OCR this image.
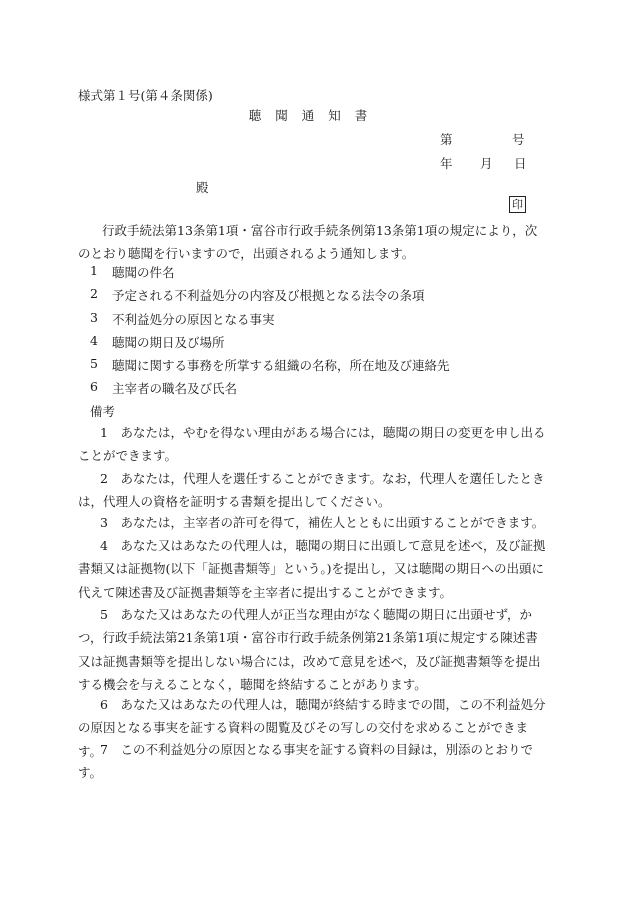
様式第１号(第４条関係)
聴聞通知書
第	号
年 月 日
殿
印
行政手続法第13条第1項・富谷市行政手続条例第13条第1項の規定により，次のとおり聴聞を行いますので，出頭されるよう通知します。
1 聴聞の件名
2 予定される不利益処分の内容及び根拠となる法令の条項
3 不利益処分の原因となる事実
4 聴聞の期日及び場所
5 聴聞に関する事務を所掌する組織の名称，所在地及び連絡先
6 主宰者の職名及び氏名
備考
1　あなたは，やむを得ない理由がある場合には，聴聞の期日の変更を申し出ることができます。
2　あなたは，代理人を選任することができます。なお，代理人を選任したときは，代理人の資格を証明する書類を提出してください。
3　あなたは，主宰者の許可を得て，補佐人とともに出頭することができます。
4　あなた又はあなたの代理人は，聴聞の期日に出頭して意見を述べ，及び証拠書類又は証拠物(以下「証拠書類等」という。)を提出し，又は聴聞の期日への出頭に代えて陳述書及び証拠書類等を主宰者に提出することができます。
5　あなた又はあなたの代理人が正当な理由がなく聴聞の期日に出頭せず，かつ，行政手続法第21条第1項・富谷市行政手続条例第21条第1項に規定する陳述書又は証拠書類等を提出しない場合には，改めて意見を述べ，及び証拠書類等を提出する機会を与えることなく，聴聞を終結することがあります。
6　あなた又はあなたの代理人は，聴聞が終結する時までの間，この不利益処分の原因となる事実を証する資料の閲覧及びその写しの交付を求めることができます。
7　この不利益処分の原因となる事実を証する資料の目録は，別添のとおりです。
